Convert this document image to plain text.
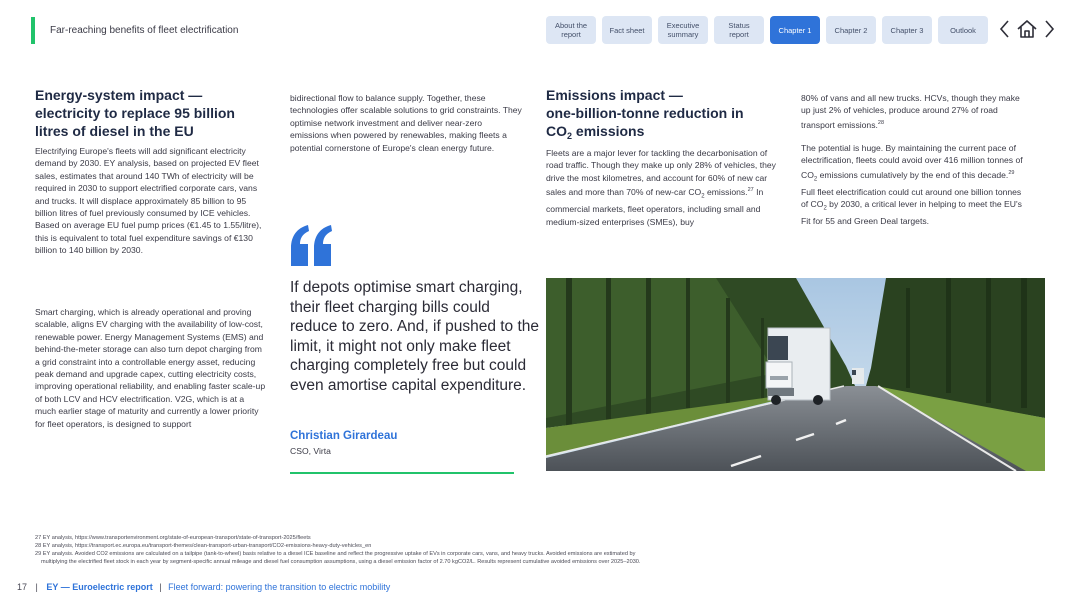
Far-reaching benefits of fleet electrification	About the report	Fact sheet	Executive summary
Status report	Chapter 1	Chapter 2	Chapter 3	Outlook
Energy-system impact — electricity to replace 95 billion litres of diesel in the EU
Electrifying Europe's fleets will add significant electricity demand by 2030. EY analysis, based on projected EV fleet sales, estimates that around 140 TWh of electricity will be required in 2030 to support electrified corporate cars, vans and trucks. It will displace approximately 85 billion to 95 billion litres of fuel previously consumed by ICE vehicles. Based on average EU fuel pump prices (€1.45 to 1.55/litre), this is equivalent to total fuel expenditure savings of €130 billion to 140 billion by 2030.
Smart charging, which is already operational and proving scalable, aligns EV charging with the availability of low-cost, renewable power. Energy Management Systems (EMS) and behind-the-meter storage can also turn depot charging from a grid constraint into a controllable energy asset, reducing peak demand and upgrade capex, cutting electricity costs, improving operational reliability, and enabling faster scale-up of both LCV and HCV electrification. V2G, which is at a much earlier stage of maturity and currently a lower priority for fleet operators, is designed to support
bidirectional flow to balance supply. Together, these technologies offer scalable solutions to grid constraints. They optimise network investment and deliver near-zero emissions when powered by renewables, making fleets a potential cornerstone of Europe's clean energy future.
If depots optimise smart charging, their fleet charging bills could reduce to zero. And, if pushed to the limit, it might not only make fleet charging completely free but could even amortise capital expenditure.
Christian Girardeau
CSO, Virta
Emissions impact —
one-billion-tonne reduction in
$CO_2$ emissions
Fleets are a major lever for tackling the decarbonisation of road traffic. Though they make up only 28% of vehicles, they drive the most kilometres, and account for 60% of new car sales and more than 70% of new-car $CO_2$ emissions.$^{27}$ In commercial markets, fleet operators, including small and medium-sized enterprises (SMEs), buy
80% of vans and all new trucks. HCVs, though they make up just 2% of vehicles, produce around 27% of road transport emissions.$^{28}$
The potential is huge. By maintaining the current pace of electrification, fleets could avoid over 416 million tonnes of $CO_2$ emissions cumulatively by the end of this decade.$^{29}$ Full fleet electrification could cut around one billion tonnes of $CO_2$ by 2030, a critical lever in helping to meet the EU's Fit for 55 and Green Deal targets.
27 EY analysis, https://www.transportenvironment.org/state-of-european-transport/state-of-transport-2025/fleets
28 EY analysis, https://transport.ec.europa.eu/transport-themes/clean-transport-urban-transport/CO2-emissions-heavy-duty-vehicles_en
29 EY analysis. Avoided CO2 emissions are calculated on a tailpipe (tank-to-wheel) basis relative to a diesel ICE baseline and reflect the progressive uptake of EVs in corporate cars, vans, and heavy trucks. Avoided emissions are estimated by
multiplying the electrified fleet stock in each year by segment-specific annual mileage and diesel fuel consumption assumptions, using a diesel emission factor of 2.70 kgCO2/L. Results represent cumulative avoided emissions over 2025–2030.
17 | EY — Euroelectric report | Fleet forward: powering the transition to electric mobility
